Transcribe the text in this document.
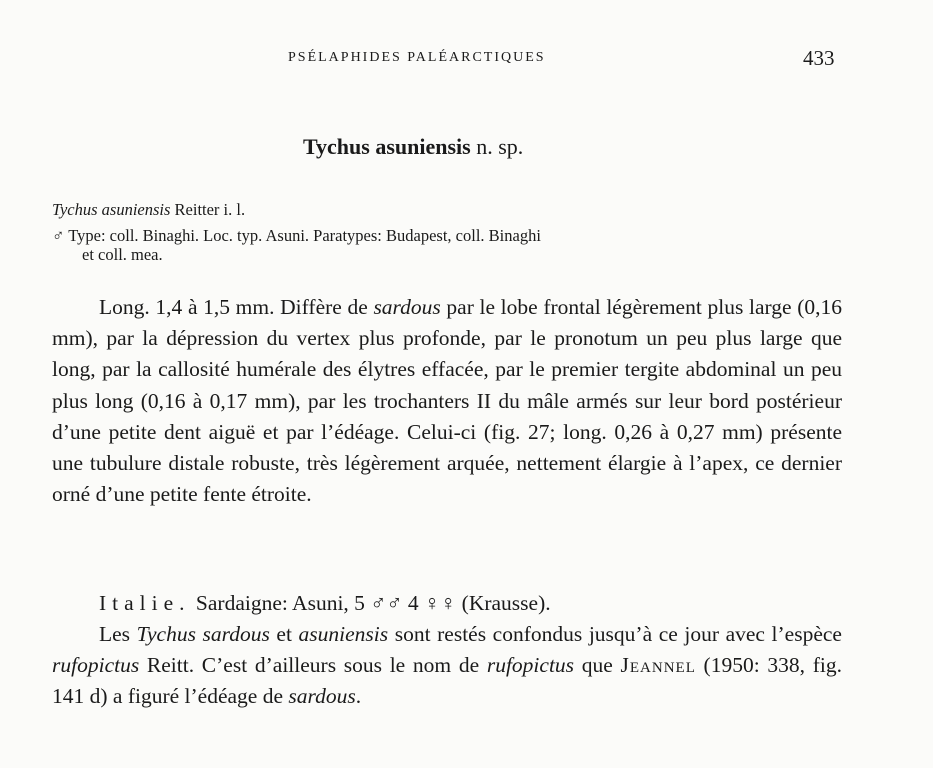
PSÉLAPHIDES PALÉARCTIQUES	433
Tychus asuniensis n. sp.
Tychus asuniensis Reitter i. l.
♂ Type: coll. Binaghi. Loc. typ. Asuni. Paratypes: Budapest, coll. Binaghi
et coll. mea.
Long. 1,4 à 1,5 mm. Diffère de sardous par le lobe frontal légèrement plus large (0,16 mm), par la dépression du vertex plus profonde, par le pronotum un peu plus large que long, par la callosité humérale des élytres effacée, par le premier tergite abdominal un peu plus long (0,16 à 0,17 mm), par les trochanters II du mâle armés sur leur bord postérieur d’une petite dent aiguë et par l’édéage. Celui-ci (fig. 27; long. 0,26 à 0,27 mm) présente une tubulure distale robuste, très légèrement arquée, nettement élargie à l’apex, ce dernier orné d’une petite fente étroite.
Italie. Sardaigne: Asuni, 5 ♂♂ 4 ♀♀ (Krausse).
Les Tychus sardous et asuniensis sont restés confondus jusqu’à ce jour avec l’espèce rufopictus Reitt. C’est d’ailleurs sous le nom de rufopictus que Jeannel (1950: 338, fig. 141 d) a figuré l’édéage de sardous.
